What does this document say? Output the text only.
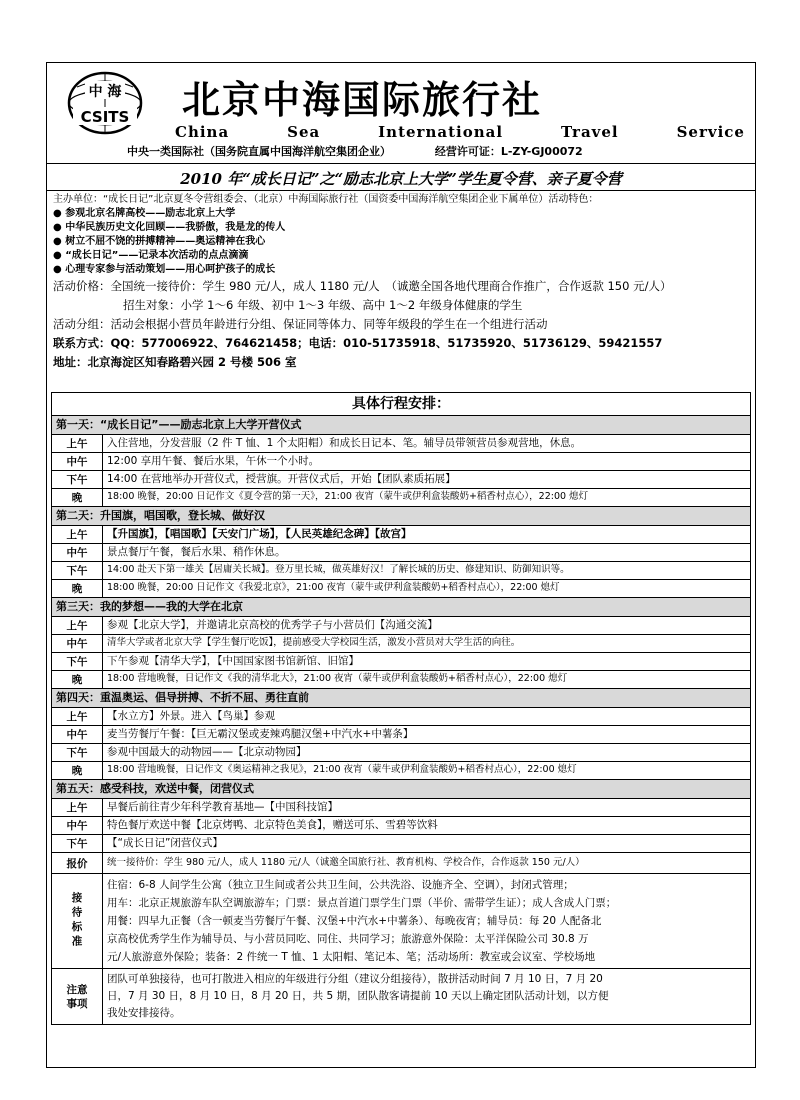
中 海
CSITS 北京中海国际旅行社
China	Sea	International	Travel	Service
中央一类国际社（国务院直属中国海洋航空集团企业）	经营许可证：L-ZY-GJ00072
2010 年“成长日记”之“励志北京上大学”学生夏令营、亲子夏令营
主办单位：“成长日记”北京夏冬令营组委会、（北京）中海国际旅行社（国资委中国海洋航空集团企业下属单位）活动特色：
● 参观北京名牌高校——励志北京上大学
● 中华民族历史文化回顾——我骄傲，我是龙的传人
● 树立不屈不饶的拼搏精神——奥运精神在我心
● “成长日记”——记录本次活动的点点滴滴
● 心理专家参与活动策划——用心呵护孩子的成长
活动价格：全国统一接待价：学生 980 元/人，成人 1180 元/人　（诚邀全国各地代理商合作推广，合作返款 150 元/人）
招生对象：小学 1～6 年级、初中 1～3 年级、高中 1～2 年级身体健康的学生
活动分组：活动会根据小营员年龄进行分组、保证同等体力、同等年级段的学生在一个组进行活动
联系方式：QQ：577006922、764621458；电话：010-51735918、51735920、51736129、59421557
地址：北京海淀区知春路碧兴园 2 号楼 506 室
具体行程安排：
第一天：“成长日记”——励志北京上大学开营仪式
上午	入住营地，分发营服（2 件 T 恤、1 个太阳帽）和成长日记本、笔。辅导员带领营员参观营地，休息。
中午	12:00 享用午餐、餐后水果，午休一个小时。
下午	14:00 在营地举办开营仪式，授营旗。开营仪式后，开始【团队素质拓展】
晚	18:00 晚餐，20:00 日记作文《夏令营的第一天》，21:00 夜宵（蒙牛或伊利盒装酸奶+稻香村点心），22:00 熄灯
第二天：升国旗，唱国歌，登长城、做好汉
上午	【升国旗】，【唱国歌】【天安门广场】，【人民英雄纪念碑】【故宫】
中午	景点餐厅午餐，餐后水果、稍作休息。
下午	14:00 赴天下第一雄关【居庸关长城】。登万里长城，做英雄好汉！了解长城的历史、修建知识、防御知识等。
晚	18:00 晚餐，20:00 日记作文《我爱北京》，21:00 夜宵（蒙牛或伊利盒装酸奶+稻香村点心），22:00 熄灯
第三天：我的梦想——我的大学在北京
上午	参观【北京大学】，并邀请北京高校的优秀学子与小营员们【沟通交流】
中午	清华大学或者北京大学【学生餐厅吃饭】，提前感受大学校园生活，激发小营员对大学生活的向往。
下午	下午参观【清华大学】，【中国国家图书馆新馆、旧馆】
晚	18:00 营地晚餐，日记作文《我的清华北大》，21:00 夜宵（蒙牛或伊利盒装酸奶+稻香村点心），22:00 熄灯
第四天：重温奥运、倡导拼搏、不折不屈、勇往直前
上午	【水立方】外景。进入【鸟巢】参观
中午	麦当劳餐厅午餐：【巨无霸汉堡或麦辣鸡腿汉堡+中汽水+中薯条】
下午	参观中国最大的动物园——【北京动物园】
晚	18:00 营地晚餐，日记作文《奥运精神之我见》，21:00 夜宵（蒙牛或伊利盒装酸奶+稻香村点心），22:00 熄灯
第五天：感受科技，欢送中餐，闭营仪式
上午	早餐后前往青少年科学教育基地—【中国科技馆】
中午	特色餐厅欢送中餐【北京烤鸭、北京特色美食】，赠送可乐、雪碧等饮料
下午	【“成长日记”闭营仪式】
报价	统一接待价：学生 980 元/人，成人 1180 元/人（诚邀全国旅行社、教育机构、学校合作，合作返款 150 元/人）
接待标准
住宿：6-8 人间学生公寓（独立卫生间或者公共卫生间，公共洗浴、设施齐全、空调），封闭式管理；
用车：北京正规旅游车队空调旅游车；门票：景点首道门票学生门票（半价、需带学生证）；成人含成人门票；
用餐：四早九正餐（含一顿麦当劳餐厅午餐、汉堡+中汽水+中薯条）、每晚夜宵；辅导员：每 20 人配备北
京高校优秀学生作为辅导员、与小营员同吃、同住、共同学习；旅游意外保险：太平洋保险公司 30.8 万
元/人旅游意外保险；装备：2 件统一 T 恤、1 太阳帽、笔记本、笔；活动场所：教室或会议室、学校场地
注意
事项
团队可单独接待，也可打散进入相应的年级进行分组（建议分组接待），散拼活动时间 7 月 10 日，7 月 20
日，7 月 30 日，8 月 10 日，8 月 20 日，共 5 期，团队散客请提前 10 天以上确定团队活动计划，以方便
我处安排接待。
